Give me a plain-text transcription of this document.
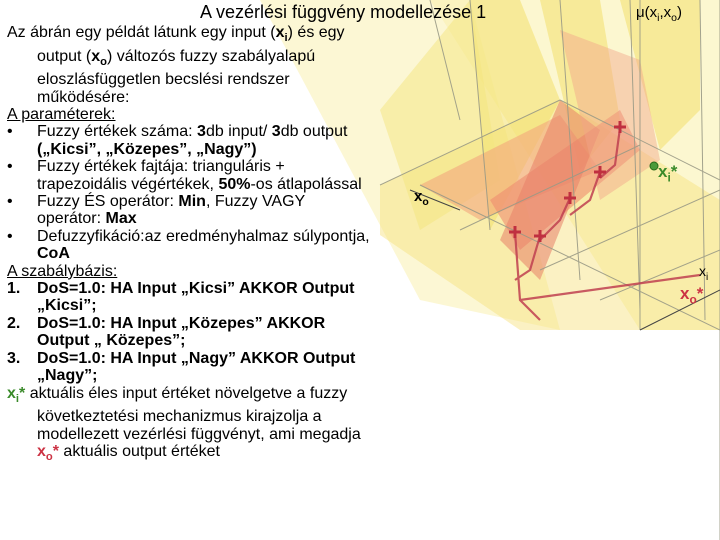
A vezérlési függvény modellezése 1

Az ábrán egy példát látunk egy input $(x_i)$ és egy

output $(x_o)$ változós fuzzy szabályalapú

eloszlásfüggetlen becslési rendszer

működésére:

A paraméterek:

• Fuzzy értékek száma: 3db input/ 3db output

(„Kicsi”, „Közepes”, „Nagy”)

• Fuzzy értékek fajtája: trianguláris +

trapezoidális végértékek, 50%-os átlapolással

• Fuzzy ÉS operátor: Min, Fuzzy VAGY

operátor: Max

• Defuzzyfikáció:az eredményhalmaz súlypontja,

CoA

A szabálybázis:

1. DoS=1.0: HA Input „Kicsi” AKKOR Output

„Kicsi”;

2. DoS=1.0: HA Input „Közepes” AKKOR

Output „ Közepes”;

3. DoS=1.0: HA Input „Nagy” AKKOR Output

„Nagy”;

$x_i*$ aktuális éles input értéket növelgetve a fuzzy

következtetési mechanizmus kirajzolja a

modellezett vezérlési függvényt, ami megadja

$x_o*$ aktuális output értéket

$x_o$
$\mu(x_i,x_o)$
$x_i$
$x_o*$
$x_i*$
